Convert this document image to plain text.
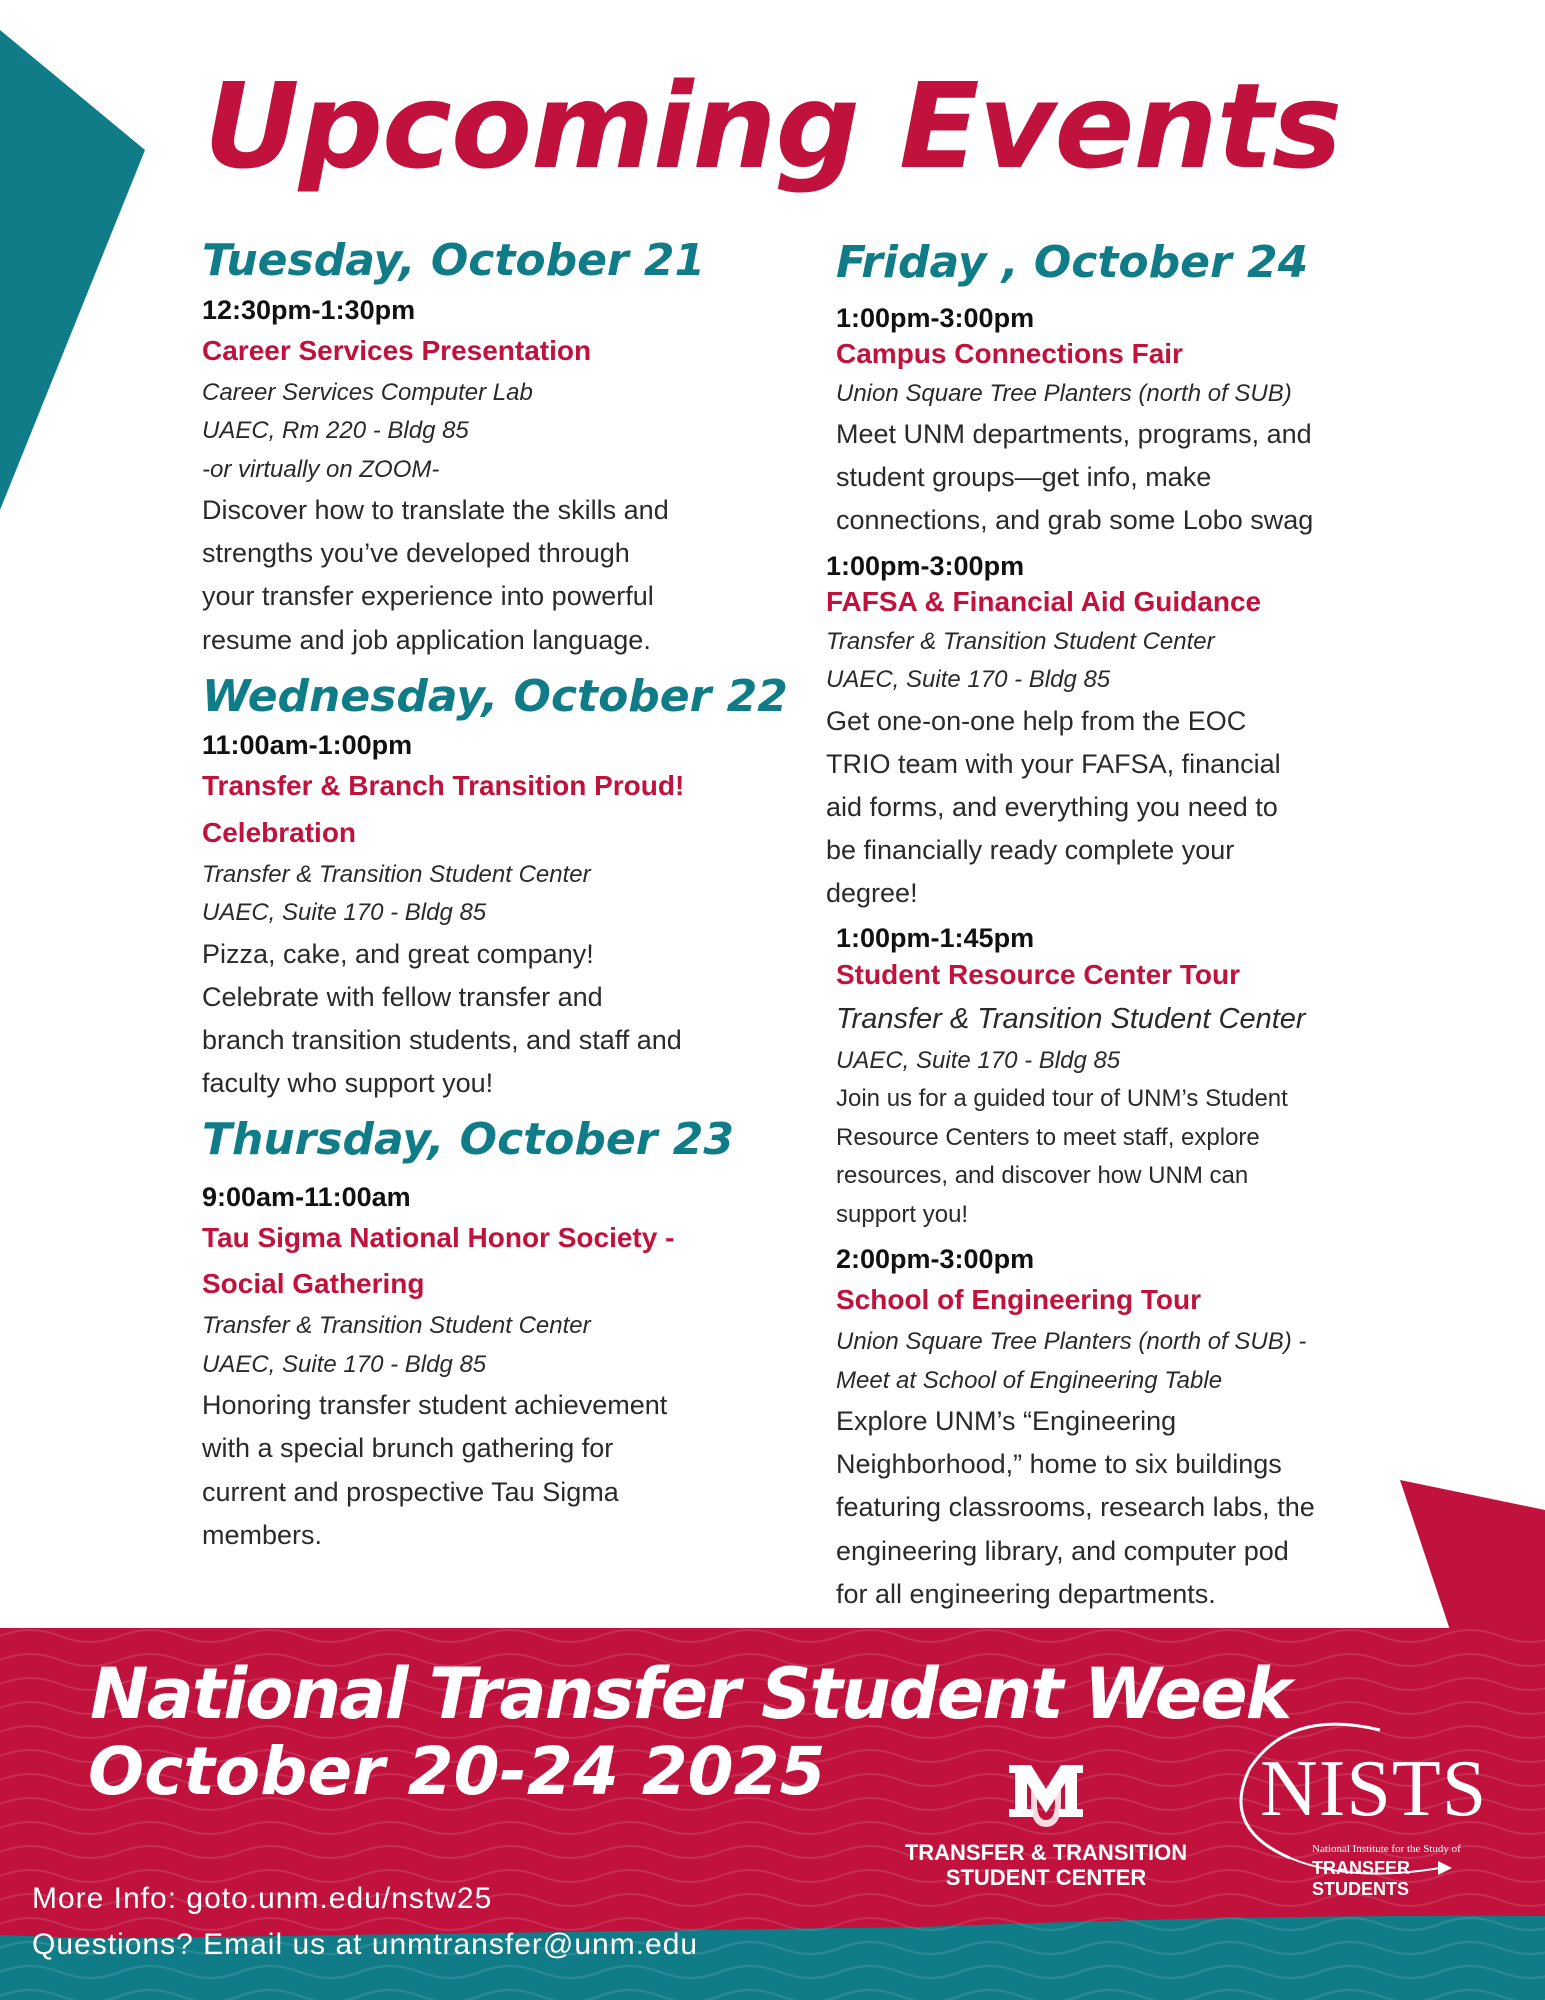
Upcoming Events

Tuesday, October 21

12:30pm-1:30pm

Career Services Presentation

Career Services Computer Lab

UAEC, Rm 220 - Bldg 85

-or virtually on ZOOM-

Discover how to translate the skills and

strengths you’ve developed through

your transfer experience into powerful

resume and job application language.

Wednesday, October 22

11:00am-1:00pm

Transfer & Branch Transition Proud!

Celebration

Transfer & Transition Student Center

UAEC, Suite 170 - Bldg 85

Pizza, cake, and great company!

Celebrate with fellow transfer and

branch transition students, and staff and

faculty who support you!

Thursday, October 23

9:00am-11:00am

Tau Sigma National Honor Society -

Social Gathering

Transfer & Transition Student Center

UAEC, Suite 170 - Bldg 85

Honoring transfer student achievement

with a special brunch gathering for

current and prospective Tau Sigma

members.

Friday , October 24

1:00pm-3:00pm

Campus Connections Fair

Union Square Tree Planters (north of SUB)

Meet UNM departments, programs, and

student groups—get info, make

connections, and grab some Lobo swag

1:00pm-3:00pm

FAFSA & Financial Aid Guidance

Transfer & Transition Student Center

UAEC, Suite 170 - Bldg 85

Get one-on-one help from the EOC

TRIO team with your FAFSA, financial

aid forms, and everything you need to

be financially ready complete your

degree!

1:00pm-1:45pm

Student Resource Center Tour

Transfer & Transition Student Center

UAEC, Suite 170 - Bldg 85

Join us for a guided tour of UNM’s Student

Resource Centers to meet staff, explore

resources, and discover how UNM can

support you!

2:00pm-3:00pm

School of Engineering Tour

Union Square Tree Planters (north of SUB) -

Meet at School of Engineering Table

Explore UNM’s “Engineering

Neighborhood,” home to six buildings

featuring classrooms, research labs, the

engineering library, and computer pod

for all engineering departments.

National Transfer Student Week

October 20-24 2025

More Info: goto.unm.edu/nstw25

Questions? Email us at unmtransfer@unm.edu

TRANSFER & TRANSITION

STUDENT CENTER

NISTS

National Institute for the Study of

TRANSFER STUDENTS
